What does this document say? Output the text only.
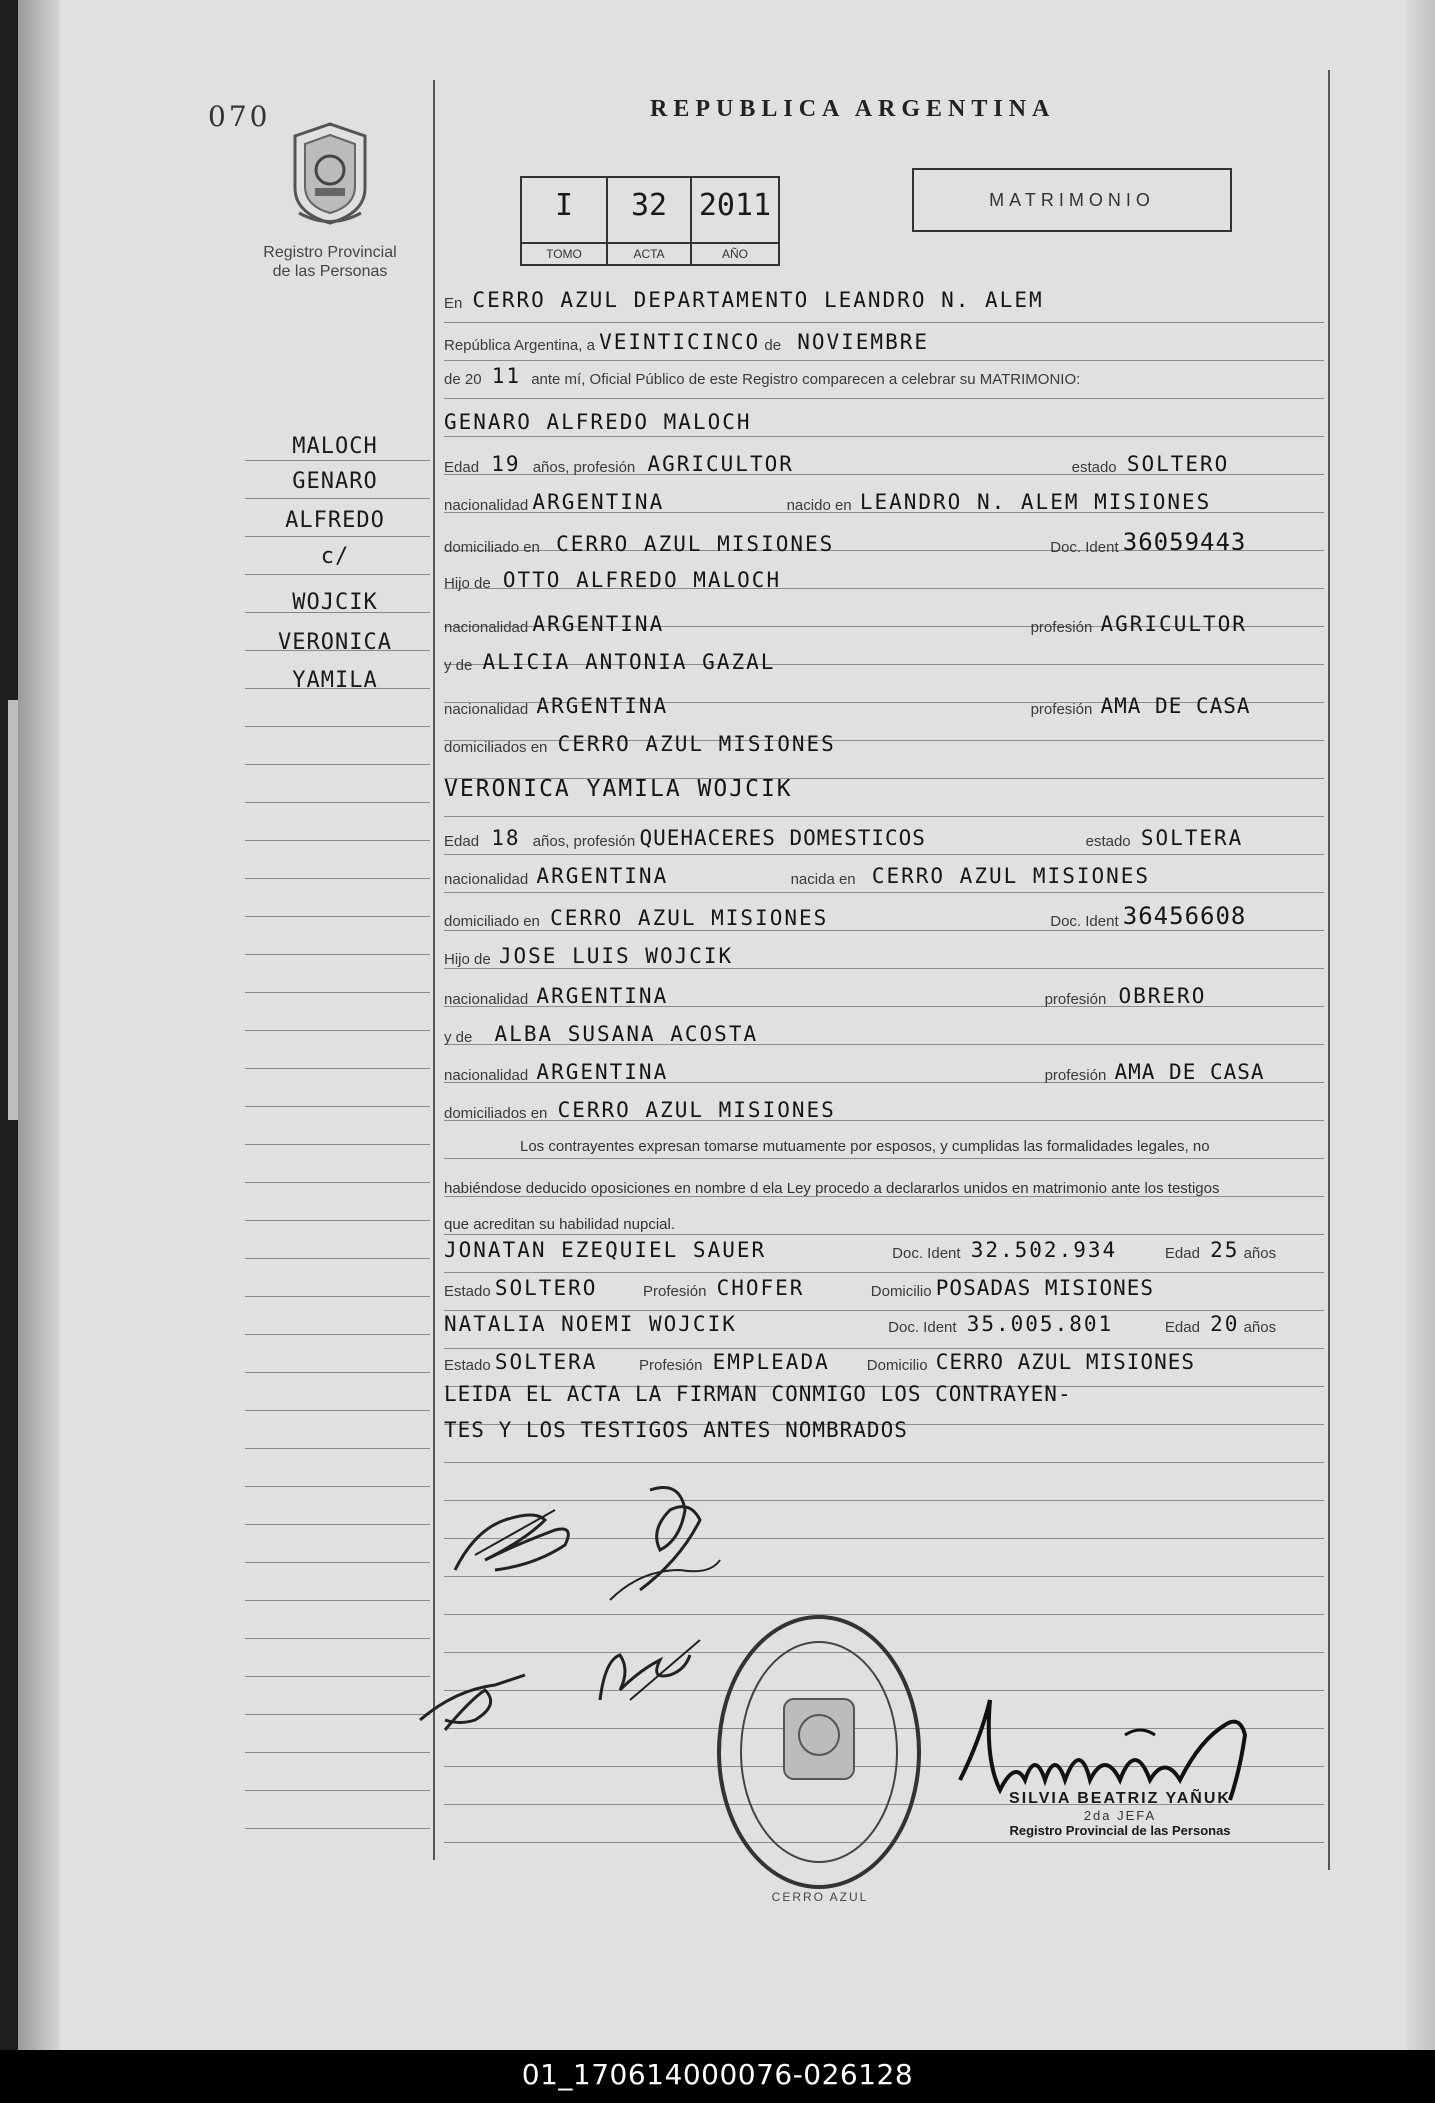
070	REPUBLICA ARGENTINA
Registro Provincial
de las Personas
I
TOMO
32
ACTA
2011
AÑO
MATRIMONIO
MALOCH
GENARO
ALFREDO
c/
WOJCIK
VERONICA
YAMILA
En CERRO AZUL DEPARTAMENTO LEANDRO N. ALEM
República Argentina, a VEINTICINCO de NOVIEMBRE
de 20 11 ante mí, Oficial Público de este Registro comparecen a celebrar su MATRIMONIO:
GENARO ALFREDO MALOCH
Edad 19 años, profesión AGRICULTOR	estado SOLTERO
nacionalidad ARGENTINA	nacido en LEANDRO N. ALEM MISIONES
domiciliado en CERRO AZUL MISIONES	Doc. Ident 36059443
Hijo de OTTO ALFREDO MALOCH
nacionalidad ARGENTINA	profesión AGRICULTOR
y de ALICIA ANTONIA GAZAL
nacionalidad ARGENTINA	profesión AMA DE CASA
domiciliados en CERRO AZUL MISIONES
VERONICA YAMILA WOJCIK
Edad 18 años, profesión QUEHACERES DOMESTICOS	estado SOLTERA
nacionalidad ARGENTINA	nacida en CERRO AZUL MISIONES
domiciliado en CERRO AZUL MISIONES	Doc. Ident 36456608
Hijo de JOSE LUIS WOJCIK
nacionalidad ARGENTINA	profesión OBRERO
y de ALBA SUSANA ACOSTA
nacionalidad ARGENTINA	profesión AMA DE CASA
domiciliados en CERRO AZUL MISIONES
Los contrayentes expresan tomarse mutuamente por esposos, y cumplidas las formalidades legales, no
habiéndose deducido oposiciones en nombre d ela Ley procedo a declararlos unidos en matrimonio ante los testigos
que acreditan su habilidad nupcial.
JONATAN EZEQUIEL SAUER	Doc. Ident 32.502.934	Edad 25 años
Estado SOLTERO	Profesión CHOFER	Domicilio POSADAS MISIONES
NATALIA NOEMI WOJCIK	Doc. Ident 35.005.801	Edad 20 años
Estado SOLTERA	Profesión EMPLEADA Domicilio CERRO AZUL MISIONES
LEIDA EL ACTA LA FIRMAN CONMIGO LOS CONTRAYEN-
TES Y LOS TESTIGOS ANTES NOMBRADOS
CERRO AZUL
SILVIA BEATRIZ YAÑUK
2da JEFA
Registro Provincial de las Personas
01_170614000076-026128
